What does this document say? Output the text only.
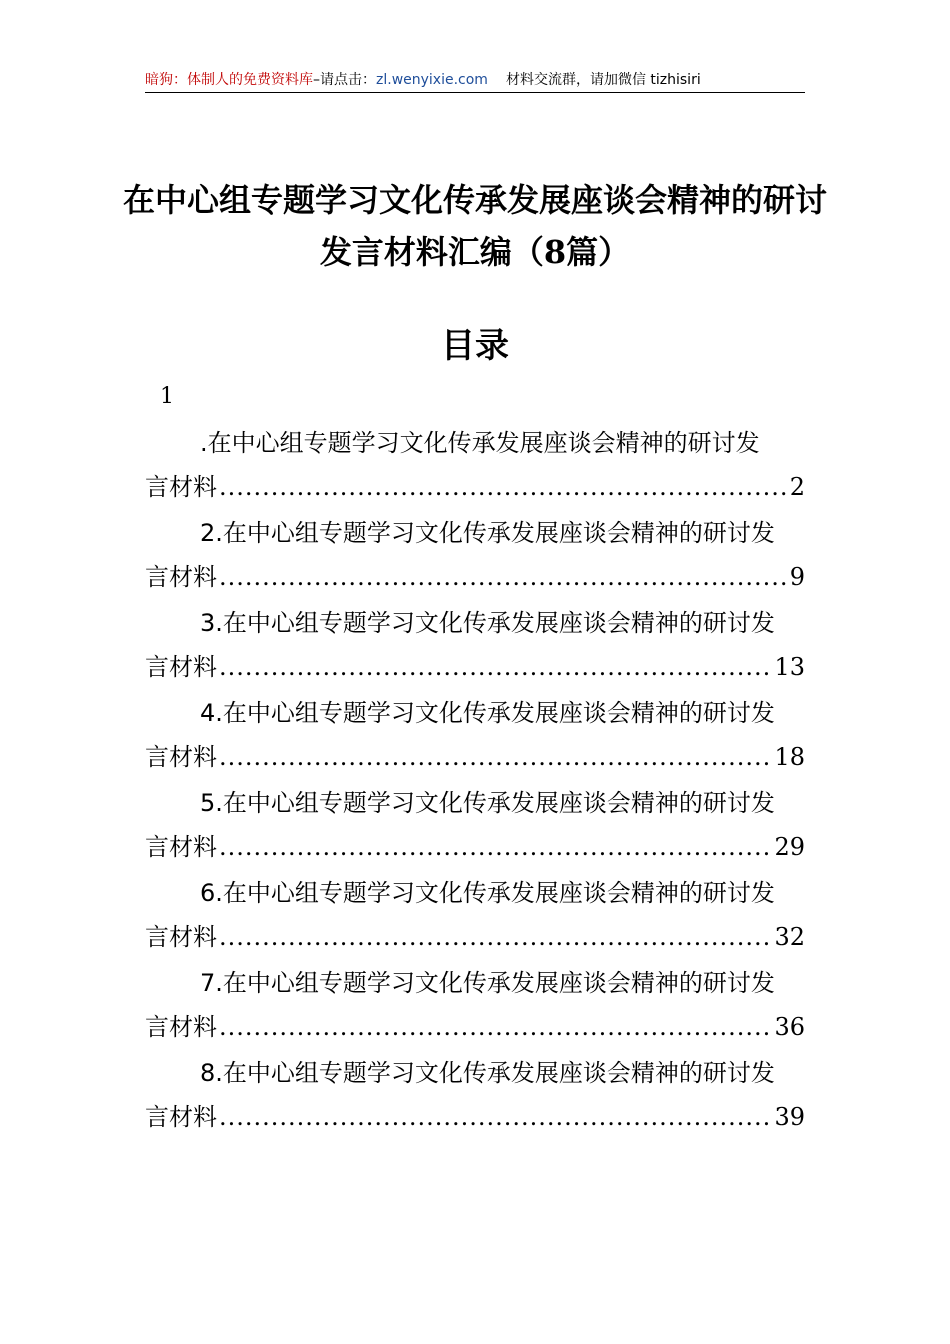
暗狗：体制人的免费资料库–请点击：zl.wenyixie.com 材料交流群，请加微信 tizhisiri
在中心组专题学习文化传承发展座谈会精神的研讨发言材料汇编（8篇）
目录
1
.在中心组专题学习文化传承发展座谈会精神的研讨发
言材料 .....	2
2.在中心组专题学习文化传承发展座谈会精神的研讨发
言材料 .....	9
3.在中心组专题学习文化传承发展座谈会精神的研讨发
言材料 .....	13
4.在中心组专题学习文化传承发展座谈会精神的研讨发
言材料 .....	18
5.在中心组专题学习文化传承发展座谈会精神的研讨发
言材料 .....	29
6.在中心组专题学习文化传承发展座谈会精神的研讨发
言材料 .....	32
7.在中心组专题学习文化传承发展座谈会精神的研讨发
言材料 .....	36
8.在中心组专题学习文化传承发展座谈会精神的研讨发
言材料 .....	39
